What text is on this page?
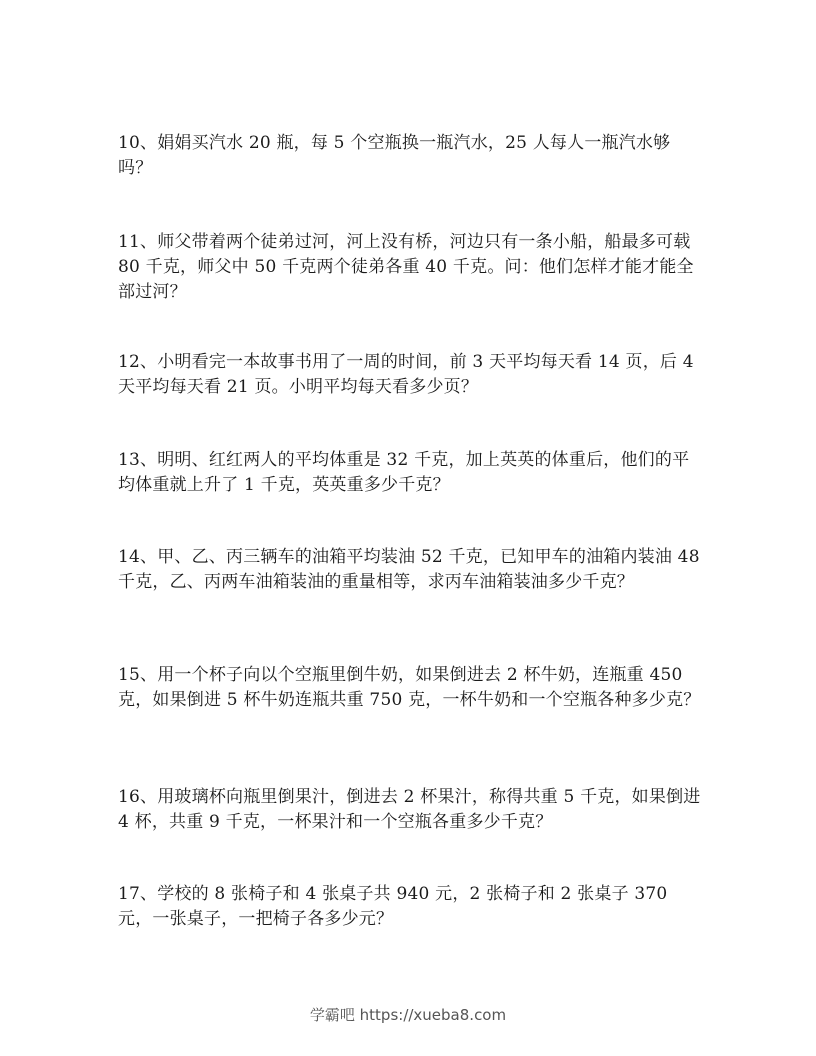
10、娟娟买汽水 20 瓶，每 5 个空瓶换一瓶汽水，25 人每人一瓶汽水够吗？

11、师父带着两个徒弟过河，河上没有桥，河边只有一条小船，船最多可载 80 千克，师父中 50 千克两个徒弟各重 40 千克。问：他们怎样才能才能全部过河？

12、小明看完一本故事书用了一周的时间，前 3 天平均每天看 14 页，后 4 天平均每天看 21 页。小明平均每天看多少页？

13、明明、红红两人的平均体重是 32 千克，加上英英的体重后，他们的平均体重就上升了 1 千克，英英重多少千克？

14、甲、乙、丙三辆车的油箱平均装油 52 千克，已知甲车的油箱内装油 48 千克，乙、丙两车油箱装油的重量相等，求丙车油箱装油多少千克？

15、用一个杯子向以个空瓶里倒牛奶，如果倒进去 2 杯牛奶，连瓶重 450 克，如果倒进 5 杯牛奶连瓶共重 750 克，一杯牛奶和一个空瓶各种多少克？

16、用玻璃杯向瓶里倒果汁，倒进去 2 杯果汁，称得共重 5 千克，如果倒进 4 杯，共重 9 千克，一杯果汁和一个空瓶各重多少千克？

17、学校的 8 张椅子和 4 张桌子共 940 元，2 张椅子和 2 张桌子 370 元，一张桌子，一把椅子各多少元？

学霸吧 https://xueba8.com
